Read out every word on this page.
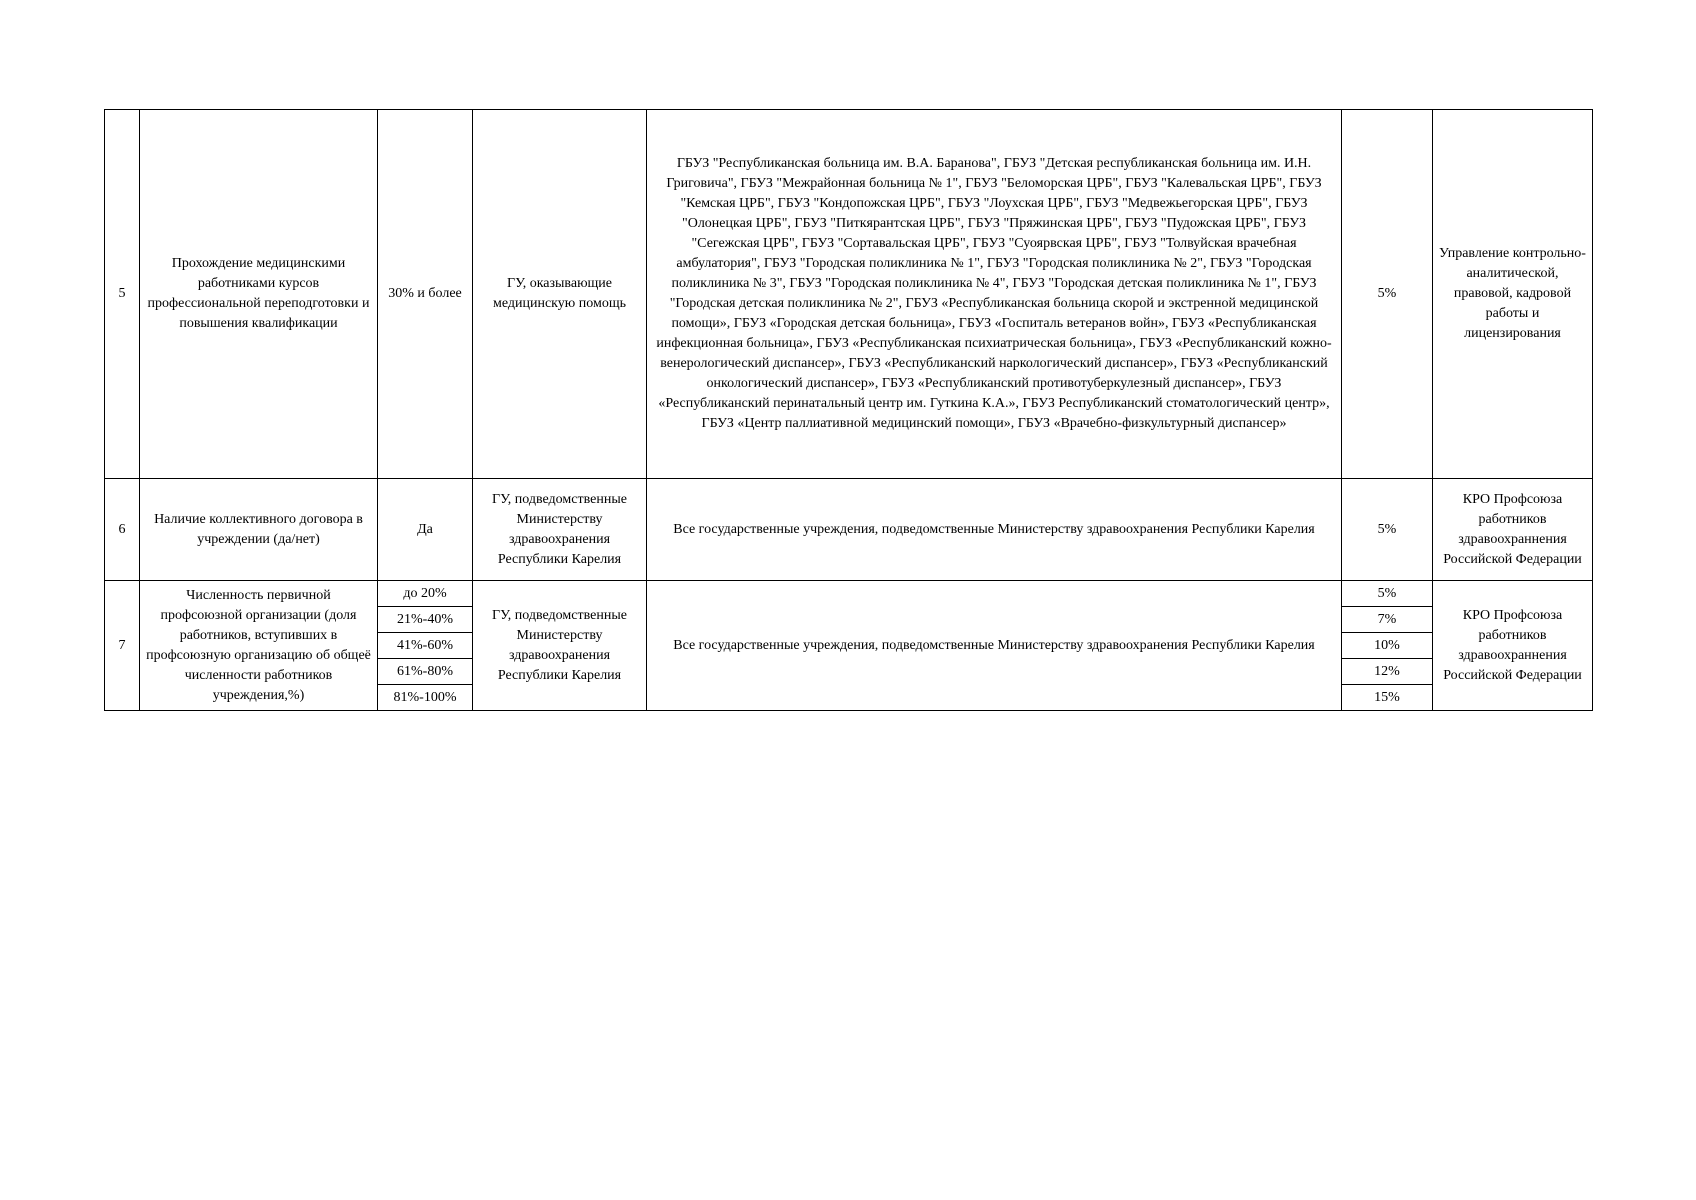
5	Прохождение медицинскими работниками курсов профессиональной переподготовки и повышения квалификации	30% и более	ГУ, оказывающие медицинскую помощь	ГБУЗ "Республиканская больница им. В.А. Баранова", ГБУЗ "Детская республиканская больница им. И.Н. Григовича", ГБУЗ "Межрайонная больница № 1", ГБУЗ "Беломорская ЦРБ", ГБУЗ "Калевальская ЦРБ", ГБУЗ "Кемская ЦРБ", ГБУЗ "Кондопожская ЦРБ", ГБУЗ "Лоухская ЦРБ", ГБУЗ "Медвежьегорская ЦРБ", ГБУЗ "Олонецкая ЦРБ", ГБУЗ "Питкярантская ЦРБ", ГБУЗ "Пряжинская ЦРБ", ГБУЗ "Пудожская ЦРБ", ГБУЗ "Сегежская ЦРБ", ГБУЗ "Сортавальская ЦРБ", ГБУЗ "Суоярвская ЦРБ", ГБУЗ "Толвуйская врачебная амбулатория", ГБУЗ "Городская поликлиника № 1", ГБУЗ "Городская поликлиника № 2", ГБУЗ "Городская поликлиника № 3", ГБУЗ "Городская поликлиника № 4", ГБУЗ "Городская детская поликлиника № 1", ГБУЗ "Городская детская поликлиника № 2", ГБУЗ «Республиканская больница скорой и экстренной медицинской помощи», ГБУЗ «Городская детская больница», ГБУЗ «Госпиталь ветеранов войн», ГБУЗ «Республиканская инфекционная больница», ГБУЗ «Республиканская психиатрическая больница», ГБУЗ «Республиканский кожно-венерологический диспансер», ГБУЗ «Республиканский наркологический диспансер», ГБУЗ «Республиканский онкологический диспансер», ГБУЗ «Республиканский противотуберкулезный диспансер», ГБУЗ «Республиканский перинатальный центр им. Гуткина К.А.», ГБУЗ Республиканский стоматологический центр», ГБУЗ «Центр паллиативной медицинский помощи», ГБУЗ «Врачебно-физкультурный диспансер»	5%	Управление контрольно-аналитической, правовой, кадровой работы и лицензирования
6	Наличие коллективного договора в учреждении (да/нет)	Да	ГУ, подведомственные Министерству здравоохранения Республики Карелия	Все государственные учреждения, подведомственные Министерству здравоохранения Республики Карелия	5%	КРО Профсоюза работников здравоохраннения Российской Федерации
7	Численность первичной профсоюзной организации (доля работников, вступивших в профсоюзную организацию об общеё численности работников учреждения,%)	до 20%	ГУ, подведомственные Министерству здравоохранения Республики Карелия	Все государственные учреждения, подведомственные Министерству здравоохранения Республики Карелия	5%	КРО Профсоюза работников здравоохраннения Российской Федерации
		21%-40%			7%	
		41%-60%			10%	
		61%-80%			12%	
		81%-100%			15%	
